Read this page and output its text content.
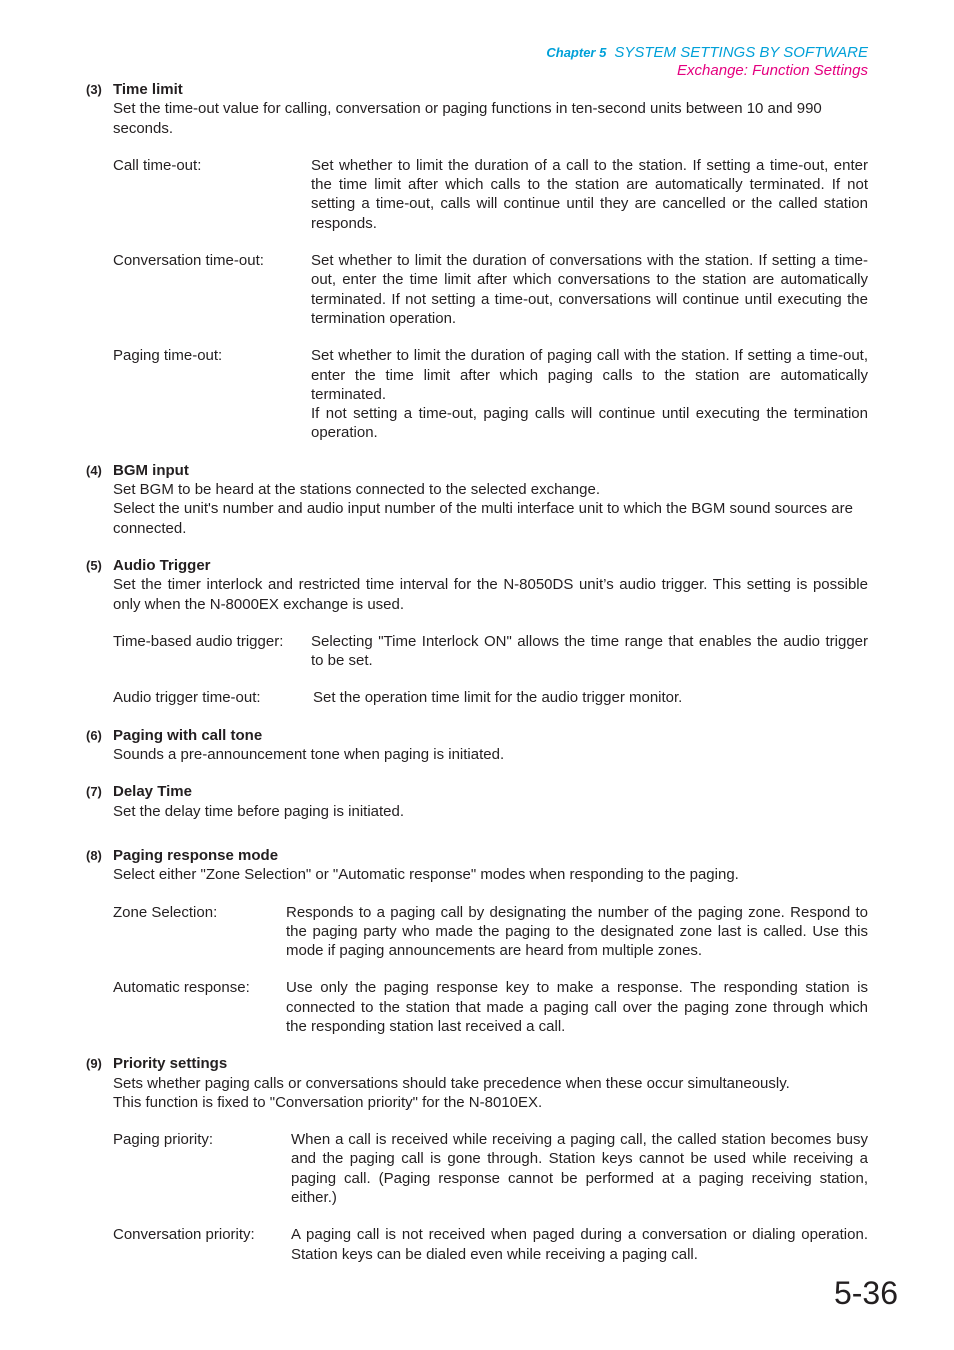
Chapter 5 SYSTEM SETTINGS BY SOFTWARE
Exchange: Function Settings
(3) Time limit
Set the time-out value for calling, conversation or paging functions in ten-second units between 10 and 990 seconds.
Call time-out:	Set whether to limit the duration of a call to the station. If setting a time-out, enter the time limit after which calls to the station are automatically terminated. If not setting a time-out, calls will continue until they are cancelled or the called station responds.

Conversation time-out:	Set whether to limit the duration of conversations with the station. If setting a time-out, enter the time limit after which conversations to the station are automatically terminated. If not setting a time-out, conversations will continue until executing the termination operation.

Paging time-out:	Set whether to limit the duration of paging call with the station. If setting a time-out, enter the time limit after which paging calls to the station are automatically terminated.

If not setting a time-out, paging calls will continue until executing the termination operation.

(4) BGM input
Set BGM to be heard at the stations connected to the selected exchange.
Select the unit's number and audio input number of the multi interface unit to which the BGM sound sources are connected.
(5) Audio Trigger
Set the timer interlock and restricted time interval for the N-8050DS unit’s audio trigger. This setting is possible only when the N-8000EX exchange is used.
Time-based audio trigger:	Selecting "Time Interlock ON" allows the time range that enables the audio trigger to be set.

Audio trigger time-out:	Set the operation time limit for the audio trigger monitor.

(6) Paging with call tone
Sounds a pre-announcement tone when paging is initiated.
(7) Delay Time
Set the delay time before paging is initiated.
(8) Paging response mode
Select either "Zone Selection" or "Automatic response" modes when responding to the paging.
Zone Selection:	Responds to a paging call by designating the number of the paging zone. Respond to the paging party who made the paging to the designated zone last is called. Use this mode if paging announcements are heard from multiple zones.

Automatic response:	Use only the paging response key to make a response. The responding station is connected to the station that made a paging call over the paging zone through which the responding station last received a call.

(9) Priority settings
Sets whether paging calls or conversations should take precedence when these occur simultaneously.
This function is fixed to "Conversation priority" for the N-8010EX.
Paging priority:	When a call is received while receiving a paging call, the called station becomes busy and the paging call is gone through. Station keys cannot be used while receiving a paging call. (Paging response cannot be performed at a paging receiving station, either.)

Conversation priority:	A paging call is not received when paged during a conversation or dialing operation. Station keys can be dialed even while receiving a paging call.

5-36
